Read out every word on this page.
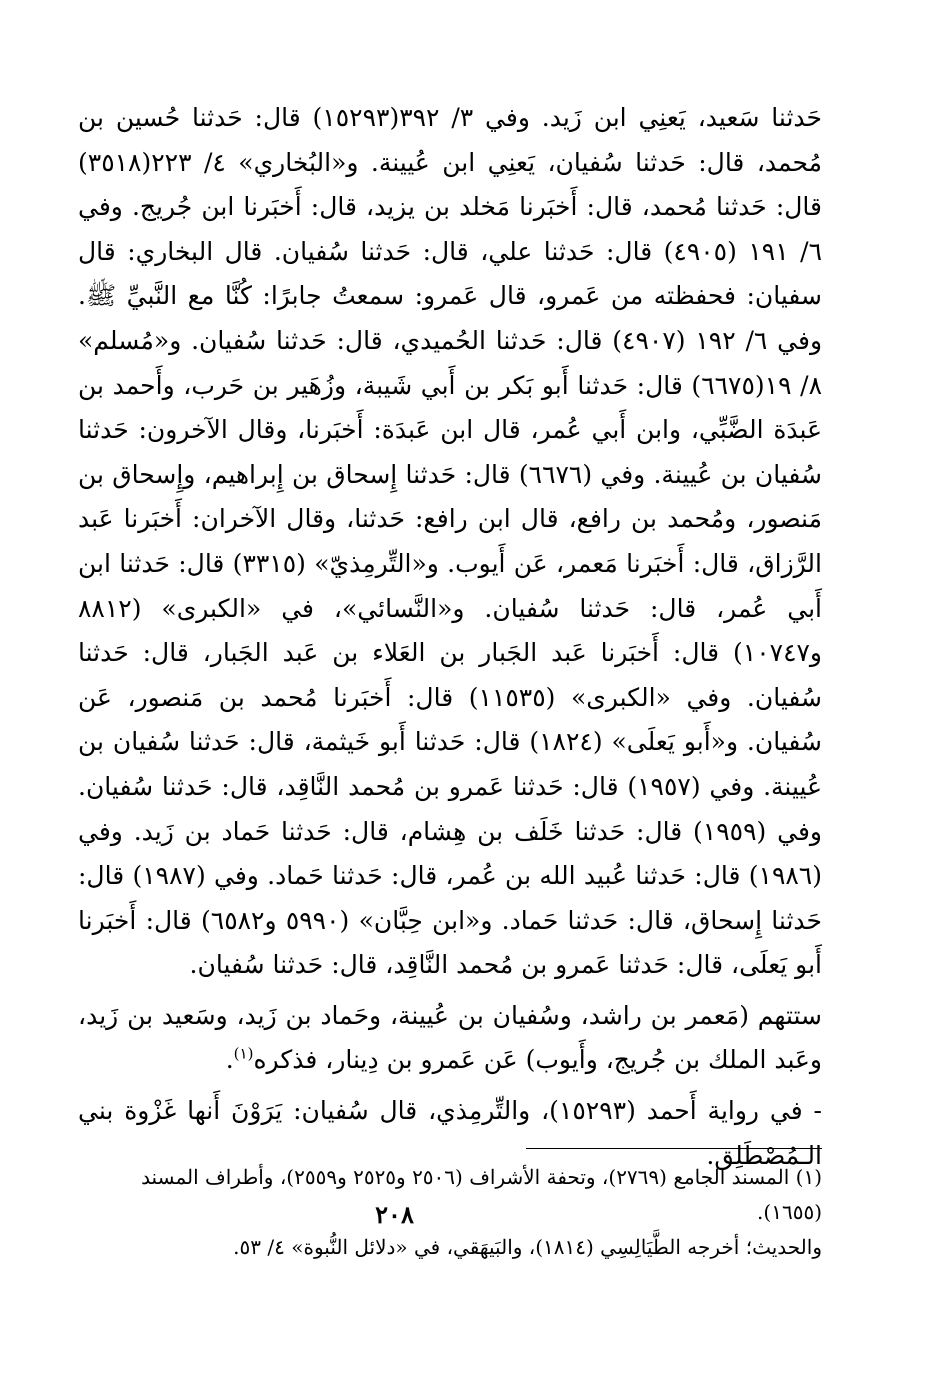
حَدثنا سَعيد، يَعنِي ابن زَيد. وفي ٣/ ٣٩٢(١٥٢٩٣) قال: حَدثنا حُسين بن مُحمد، قال: حَدثنا سُفيان، يَعنِي ابن عُيينة. و«البُخاري» ٤/ ٢٢٣(٣٥١٨) قال: حَدثنا مُحمد، قال: أَخبَرنا مَخلد بن يزيد، قال: أَخبَرنا ابن جُريج. وفي ٦/ ١٩١ (٤٩٠٥) قال: حَدثنا علي، قال: حَدثنا سُفيان. قال البخاري: قال سفيان: فحفظته من عَمرو، قال عَمرو: سمعتُ جابرًا: كُنَّا مع النَّبيِّ ﷺ. وفي ٦/ ١٩٢ (٤٩٠٧) قال: حَدثنا الحُميدي، قال: حَدثنا سُفيان. و«مُسلم» ٨/ ١٩(٦٦٧٥) قال: حَدثنا أَبو بَكر بن أَبي شَيبة، وزُهَير بن حَرب، وأَحمد بن عَبدَة الضَّبِّي، وابن أَبي عُمر، قال ابن عَبدَة: أَخبَرنا، وقال الآخرون: حَدثنا سُفيان بن عُيينة. وفي (٦٦٧٦) قال: حَدثنا إِسحاق بن إِبراهيم، وإِسحاق بن مَنصور، ومُحمد بن رافع، قال ابن رافع: حَدثنا، وقال الآخران: أَخبَرنا عَبد الرَّزاق، قال: أَخبَرنا مَعمر، عَن أَيوب. و«التِّرمِذيّ» (٣٣١٥) قال: حَدثنا ابن أَبي عُمر، قال: حَدثنا سُفيان. و«النَّسائي»، في «الكبرى» (٨٨١٢ و١٠٧٤٧) قال: أَخبَرنا عَبد الجَبار بن العَلاء بن عَبد الجَبار، قال: حَدثنا سُفيان. وفي «الكبرى» (١١٥٣٥) قال: أَخبَرنا مُحمد بن مَنصور، عَن سُفيان. و«أَبو يَعلَى» (١٨٢٤) قال: حَدثنا أَبو خَيثمة، قال: حَدثنا سُفيان بن عُيينة. وفي (١٩٥٧) قال: حَدثنا عَمرو بن مُحمد النَّاقِد، قال: حَدثنا سُفيان. وفي (١٩٥٩) قال: حَدثنا خَلَف بن هِشام، قال: حَدثنا حَماد بن زَيد. وفي (١٩٨٦) قال: حَدثنا عُبيد الله بن عُمر، قال: حَدثنا حَماد. وفي (١٩٨٧) قال: حَدثنا إِسحاق، قال: حَدثنا حَماد. و«ابن حِبَّان» (٥٩٩٠ و٦٥٨٢) قال: أَخبَرنا أَبو يَعلَى، قال: حَدثنا عَمرو بن مُحمد النَّاقِد، قال: حَدثنا سُفيان.

ستتهم (مَعمر بن راشد، وسُفيان بن عُيينة، وحَماد بن زَيد، وسَعيد بن زَيد، وعَبد الملك بن جُريج، وأَيوب) عَن عَمرو بن دِينار، فذكره$^{(١)}$.

- في رواية أَحمد (١٥٢٩٣)، والتِّرمِذي، قال سُفيان: يَرَوْنَ أَنها غَزْوة بني الـمُصْطَلِق.

(١) المسند الجامع (٢٧٦٩)، وتحفة الأشراف (٢٥٠٦ و٢٥٢٥ و٢٥٥٩)، وأطراف المسند

(١٦٥٥).

والحديث؛ أخرجه الطَّيَالِسِي (١٨١٤)، والبَيهَقي، في «دلائل النُّبوة» ٤/ ٥٣.

٢٠٨
